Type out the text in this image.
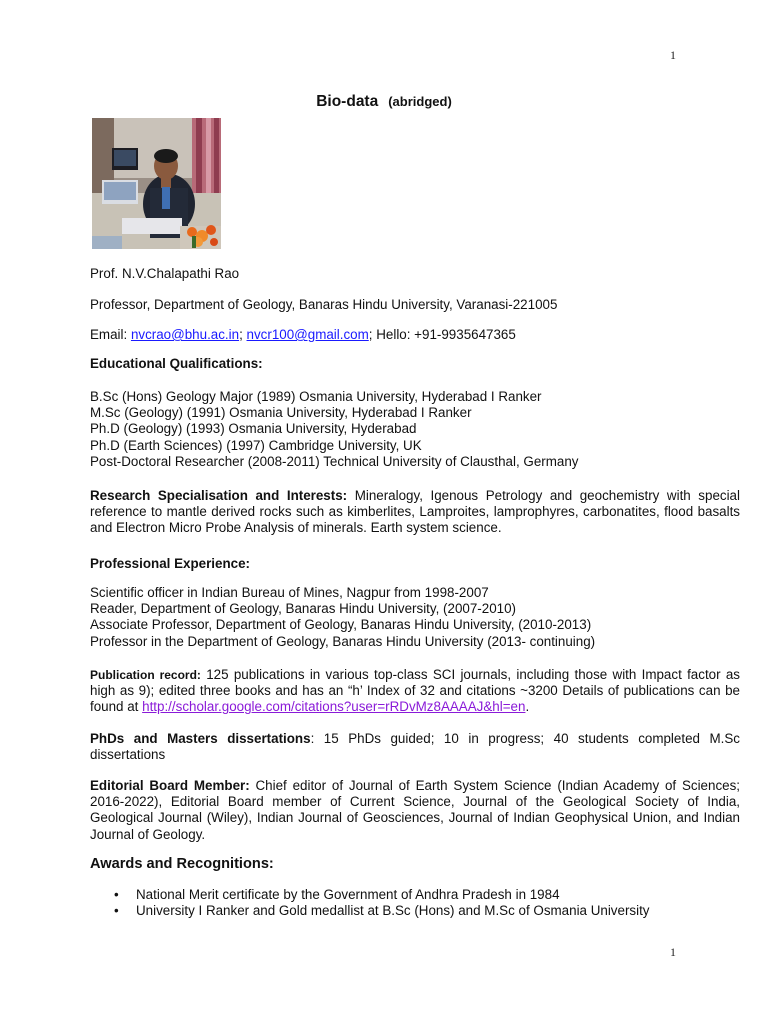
1
Bio-data (abridged)
Prof. N.V.Chalapathi Rao
Professor, Department of Geology, Banaras Hindu University, Varanasi-221005
Email: nvcrao@bhu.ac.in; nvcr100@gmail.com; Hello: +91-9935647365
Educational Qualifications:
B.Sc (Hons) Geology Major (1989) Osmania University, Hyderabad I Ranker
M.Sc (Geology) (1991) Osmania University, Hyderabad I Ranker
Ph.D (Geology) (1993) Osmania University, Hyderabad
Ph.D (Earth Sciences) (1997) Cambridge University, UK
Post-Doctoral Researcher (2008-2011) Technical University of Clausthal, Germany
Research Specialisation and Interests: Mineralogy, Igenous Petrology and geochemistry with special reference to mantle derived rocks such as kimberlites, Lamproites, lamprophyres, carbonatites, flood basalts and Electron Micro Probe Analysis of minerals. Earth system science.
Professional Experience:
Scientific officer in Indian Bureau of Mines, Nagpur from 1998-2007
Reader, Department of Geology, Banaras Hindu University, (2007-2010)
Associate Professor, Department of Geology, Banaras Hindu University, (2010-2013)
Professor in the Department of Geology, Banaras Hindu University (2013- continuing)
Publication record: 125 publications in various top-class SCI journals, including those with Impact factor as high as 9); edited three books and has an “h’ Index of 32 and citations ~3200 Details of publications can be found at http://scholar.google.com/citations?user=rRDvMz8AAAAJ&hl=en.
PhDs and Masters dissertations: 15 PhDs guided; 10 in progress; 40 students completed M.Sc dissertations
Editorial Board Member: Chief editor of Journal of Earth System Science (Indian Academy of Sciences; 2016-2022), Editorial Board member of Current Science, Journal of the Geological Society of India, Geological Journal (Wiley), Indian Journal of Geosciences, Journal of Indian Geophysical Union, and Indian Journal of Geology.
Awards and Recognitions:
• National Merit certificate by the Government of Andhra Pradesh in 1984
• University I Ranker and Gold medallist at B.Sc (Hons) and M.Sc of Osmania University
1
